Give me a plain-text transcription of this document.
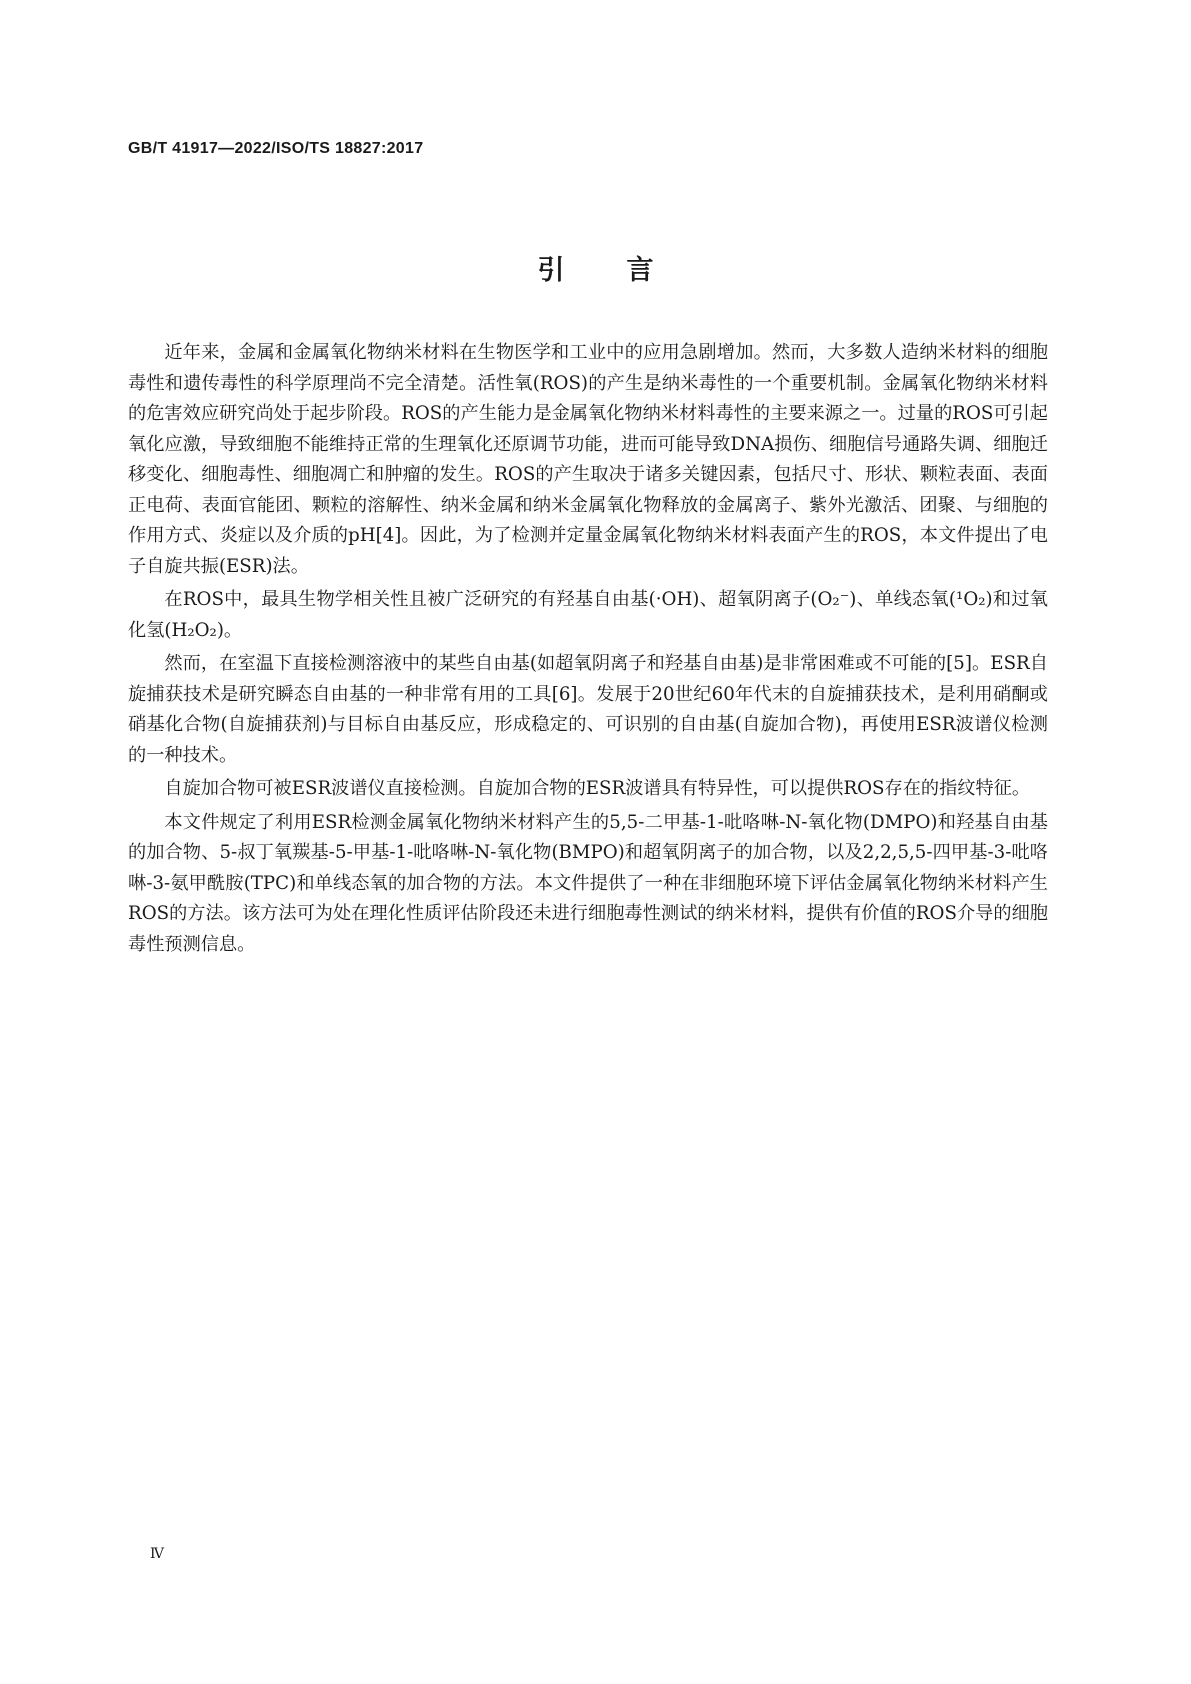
GB/T 41917—2022/ISO/TS 18827:2017
引言

近年来，金属和金属氧化物纳米材料在生物医学和工业中的应用急剧增加。然而，大多数人造纳米材料的细胞毒性和遗传毒性的科学原理尚不完全清楚。活性氧(ROS)的产生是纳米毒性的一个重要机制。金属氧化物纳米材料的危害效应研究尚处于起步阶段。ROS的产生能力是金属氧化物纳米材料毒性的主要来源之一。过量的ROS可引起氧化应激，导致细胞不能维持正常的生理氧化还原调节功能，进而可能导致DNA损伤、细胞信号通路失调、细胞迁移变化、细胞毒性、细胞凋亡和肿瘤的发生。ROS的产生取决于诸多关键因素，包括尺寸、形状、颗粒表面、表面正电荷、表面官能团、颗粒的溶解性、纳米金属和纳米金属氧化物释放的金属离子、紫外光激活、团聚、与细胞的作用方式、炎症以及介质的pH[4]。因此，为了检测并定量金属氧化物纳米材料表面产生的ROS，本文件提出了电子自旋共振(ESR)法。

在ROS中，最具生物学相关性且被广泛研究的有羟基自由基(·OH)、超氧阴离子(O₂⁻)、单线态氧(¹O₂)和过氧化氢(H₂O₂)。

然而，在室温下直接检测溶液中的某些自由基(如超氧阴离子和羟基自由基)是非常困难或不可能的[5]。ESR自旋捕获技术是研究瞬态自由基的一种非常有用的工具[6]。发展于20世纪60年代末的自旋捕获技术，是利用硝酮或硝基化合物(自旋捕获剂)与目标自由基反应，形成稳定的、可识别的自由基(自旋加合物)，再使用ESR波谱仪检测的一种技术。

自旋加合物可被ESR波谱仪直接检测。自旋加合物的ESR波谱具有特异性，可以提供ROS存在的指纹特征。

本文件规定了利用ESR检测金属氧化物纳米材料产生的5,5-二甲基-1-吡咯啉-N-氧化物(DMPO)和羟基自由基的加合物、5-叔丁氧羰基-5-甲基-1-吡咯啉-N-氧化物(BMPO)和超氧阴离子的加合物，以及2,2,5,5-四甲基-3-吡咯啉-3-氨甲酰胺(TPC)和单线态氧的加合物的方法。本文件提供了一种在非细胞环境下评估金属氧化物纳米材料产生ROS的方法。该方法可为处在理化性质评估阶段还未进行细胞毒性测试的纳米材料，提供有价值的ROS介导的细胞毒性预测信息。

Ⅳ
